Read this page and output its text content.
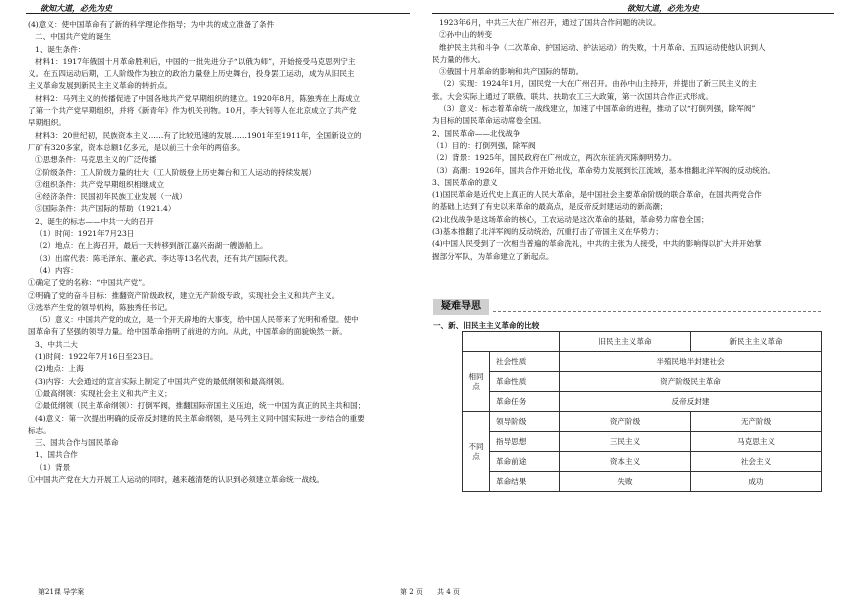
欲知大道，必先为史	欲知大道，必先为史

(4)意义：使中国革命有了新的科学理论作指导；为中共的成立准备了条件

二、中国共产党的诞生

1、诞生条件：

材料1：1917年俄国十月革命胜利后，中国的一批先进分子“以俄为师”，开始接受马克思列宁主

义。在五四运动后期，工人阶级作为独立的政治力量登上历史舞台，投身罢工运动，成为从旧民主

主义革命发展到新民主主义革命的转折点。

材料2：马列主义的传播促进了中国各地共产党早期组织的建立。1920年8月，陈独秀在上海成立

了第一个共产党早期组织，并将《新青年》作为机关刊物。10月，李大钊等人在北京成立了共产党

早期组织。

材料3：20世纪初，民族资本主义……有了比较迅速的发展……1901年至1911年，全国新设立的

厂矿有320多家，资本总额1亿多元，是以前三十余年的两倍多。

①思想条件：马克思主义的广泛传播

②阶级条件：工人阶级力量的壮大（工人阶级登上历史舞台和工人运动的持续发展）

③组织条件：共产党早期组织相继成立

④经济条件：民国初年民族工业发展（一战）

⑤国际条件：共产国际的帮助（1921.4）

2、诞生的标志——中共一大的召开

（1）时间：1921年7月23日

（2）地点：在上海召开，最后一天转移到浙江嘉兴南湖一艘游船上。

（3）出席代表：陈毛泽东、董必武、李达等13名代表，还有共产国际代表。

（4）内容：

①确定了党的名称：“中国共产党”。

②明确了党的奋斗目标：推翻资产阶级政权，建立无产阶级专政，实现社会主义和共产主义。

③选举产生党的领导机构，陈独秀任书记。

（5）意义：中国共产党的成立，是一个开天辟地的大事变，给中国人民带来了光明和希望。使中

国革命有了坚强的领导力量。给中国革命指明了前进的方向。从此，中国革命的面貌焕然一新。

3、中共二大

(1)时间：1922年7月16日至23日。

(2)地点：上海

(3)内容：大会通过的宣言实际上制定了中国共产党的最低纲领和最高纲领。

①最高纲领：实现社会主义和共产主义；

②最低纲领（民主革命纲领）：打倒军阀，推翻国际帝国主义压迫，统一中国为真正的民主共和国；

(4)意义：第一次提出明确的反帝反封建的民主革命纲领，是马列主义同中国实际进一步结合的重要

标志。

三、国共合作与国民革命

1、国共合作

（1）背景

①中国共产党在大力开展工人运动的同时，越来越清楚的认识到必须建立革命统一战线。

1923年6月，中共三大在广州召开，通过了国共合作问题的决议。

②孙中山的转变

维护民主共和斗争（二次革命、护国运动、护法运动）的失败，十月革命、五四运动使他认识到人

民力量的伟大。

③俄国十月革命的影响和共产国际的帮助。

（2）实现：1924年1月，国民党一大在广州召开。由孙中山主持开，并提出了新三民主义的主

张。大会实际上通过了联俄、联共、扶助农工三大政策，第一次国共合作正式形成。

（3）意义：标志着革命统一战线建立，加速了中国革命的进程，推动了以“打倒列强，除军阀”

为目标的国民革命运动席卷全国。

2、国民革命——北伐战争

（1）目的：打倒列强，除军阀

（2）背景：1925年，国民政府在广州成立，两次东征消灭陈炯明势力。

（3）高潮：1926年，国共合作开始北伐，革命势力发展到长江流域，基本推翻北洋军阀的反动统治。

3、国民革命的意义

(1)国民革命是近代史上真正的人民大革命，是中国社会主要革命阶级的联合革命，在国共两党合作

的基础上达到了有史以来革命的最高点，是反帝反封建运动的新高潮；

(2)北伐战争是这场革命的核心，工农运动是这次革命的基础，革命势力席卷全国；

(3)基本推翻了北洋军阀的反动统治，沉重打击了帝国主义在华势力；

(4)中国人民受到了一次相当普遍的革命洗礼，中共的主张为人接受，中共的影响得以扩大并开始掌

握部分军队，为革命建立了新起点。

疑难导思
一、新、旧民主主义革命的比较
		旧民主主义革命	新民主主义革命
相同点	社会性质	半殖民地半封建社会	
	革命性质	资产阶级民主革命	
	革命任务	反帝反封建	
不同点	领导阶级	资产阶级	无产阶级
	指导思想	三民主义	马克思主义
	革命前途	资本主义	社会主义
	革命结果	失败	成功
第21课 导学案	第 2 页 共 4 页
